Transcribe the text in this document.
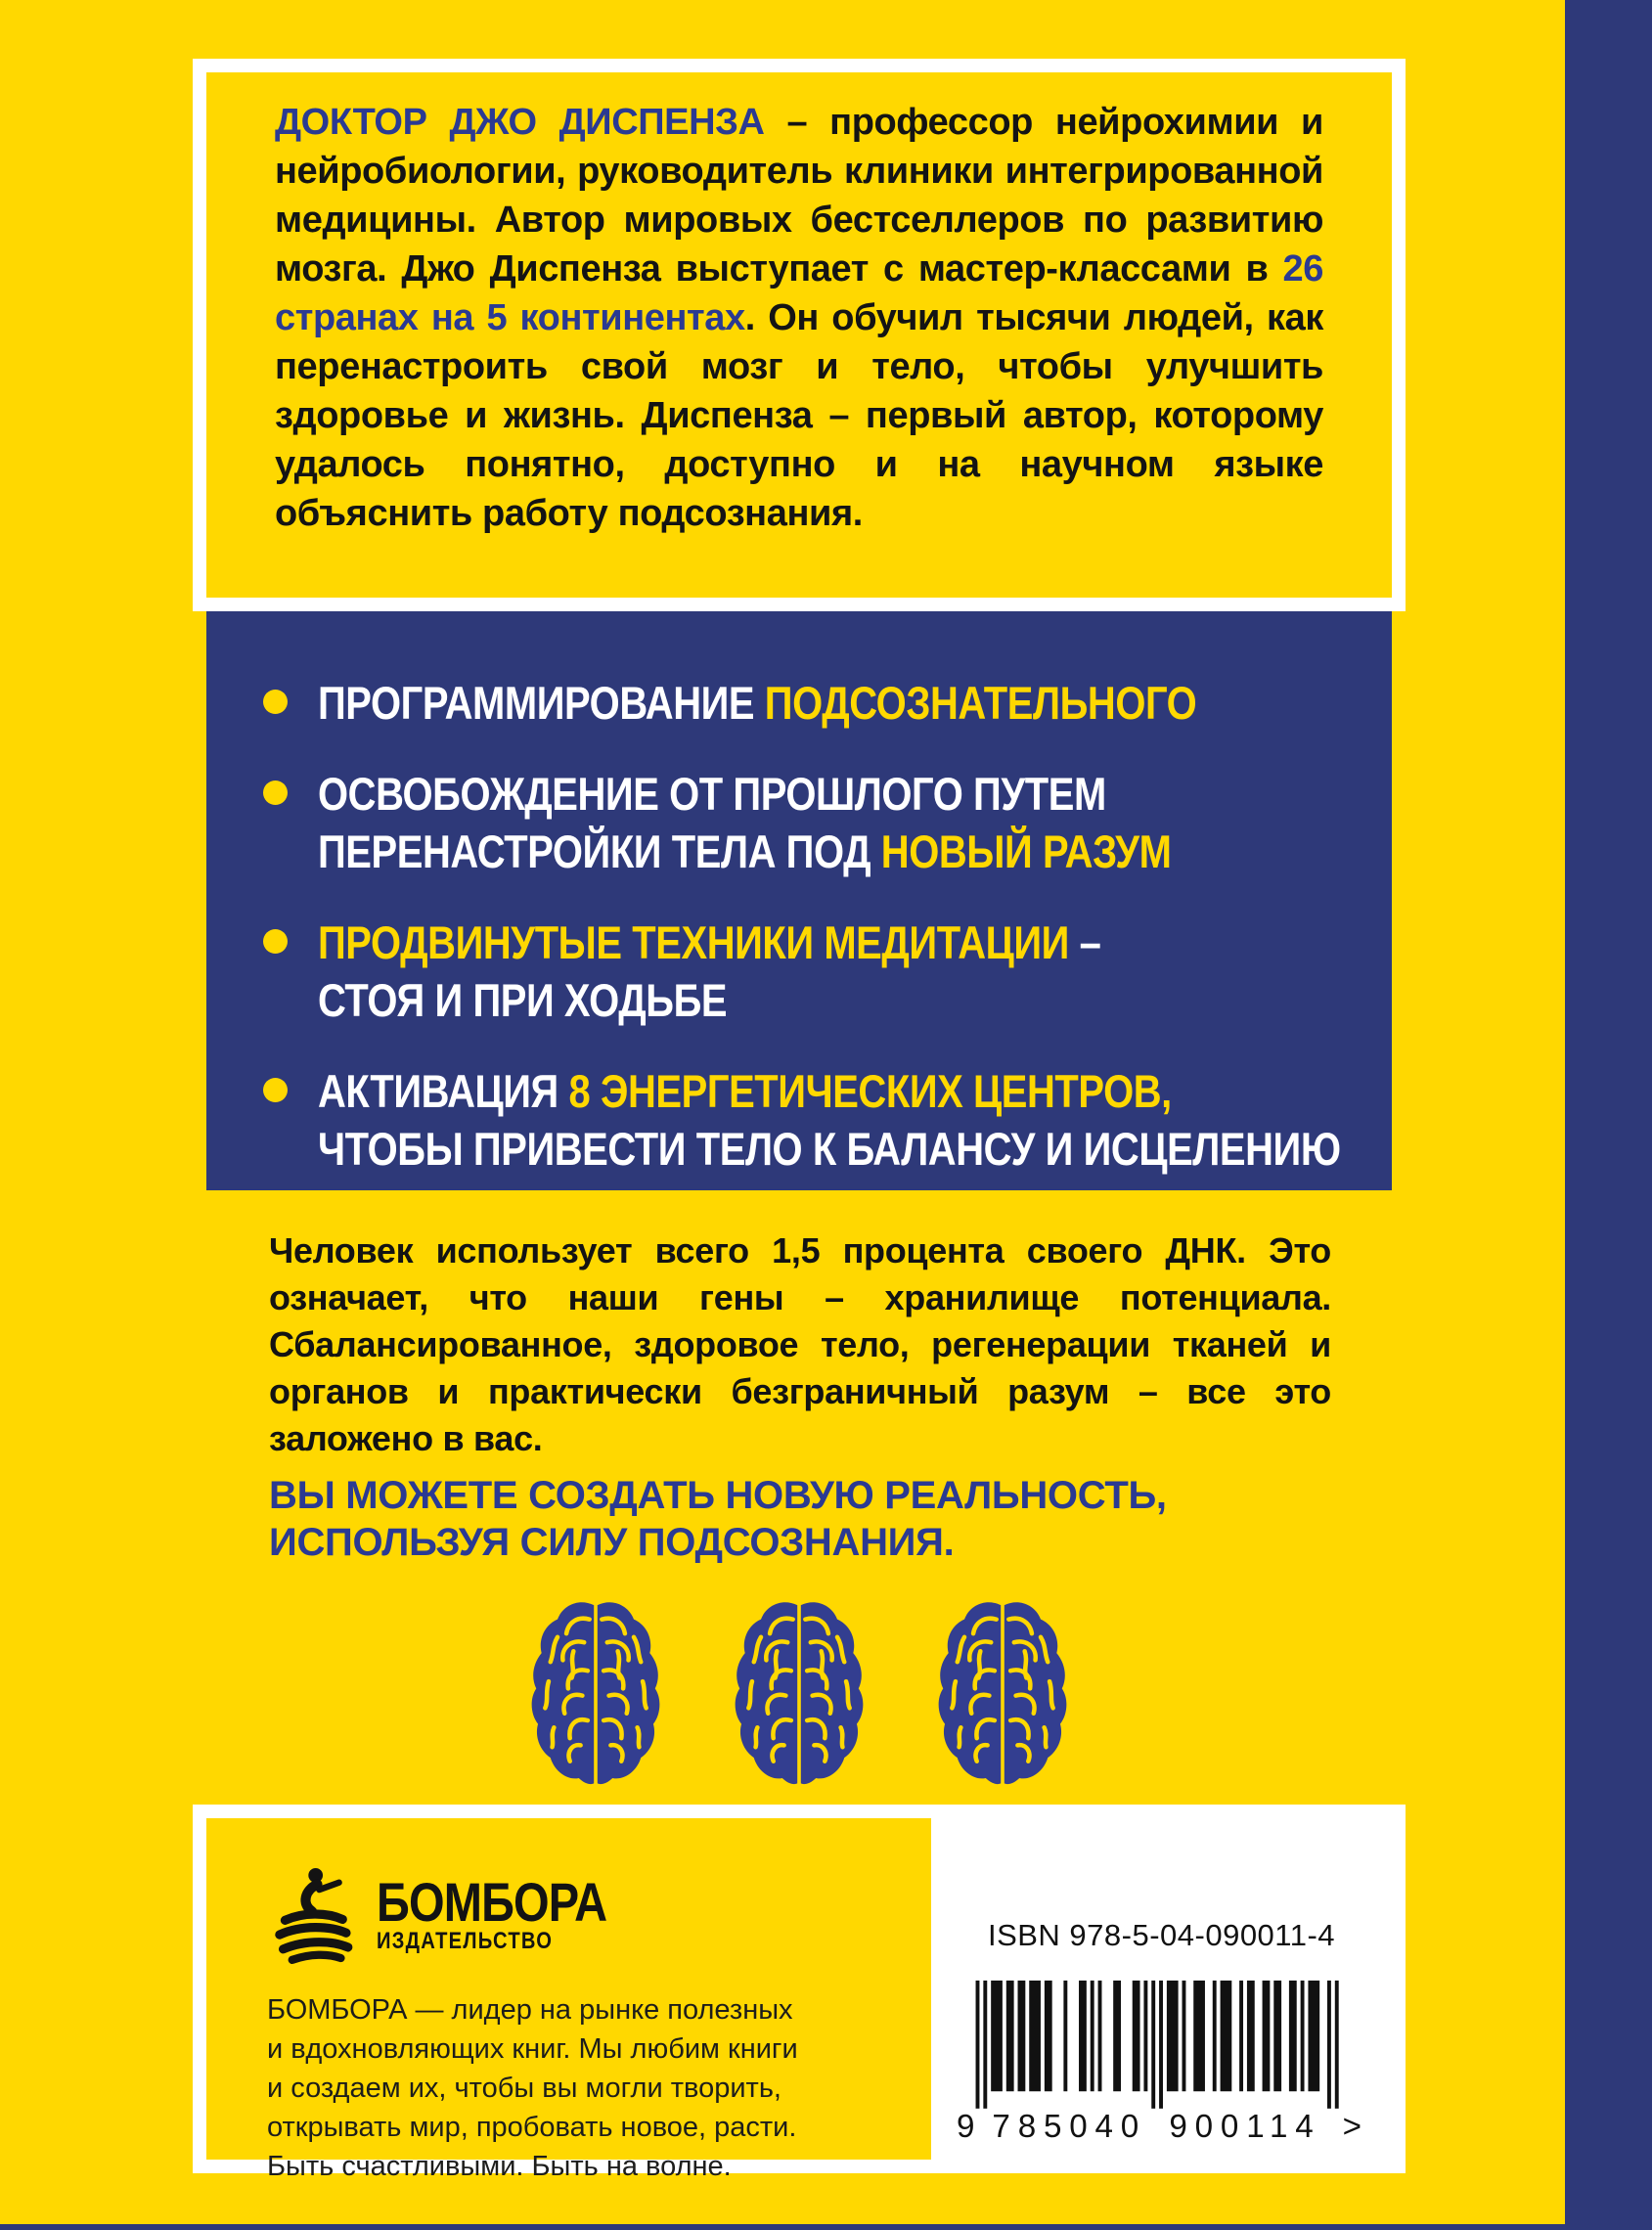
ДОКТОР ДЖО ДИСПЕНЗА – профессор нейрохимии и нейробиологии, руководитель клиники интегрированной медицины. Автор мировых бестселлеров по развитию мозга. Джо Диспенза выступает с мастер-классами в 26 странах на 5 континентах. Он обучил тысячи людей, как перенастроить свой мозг и тело, чтобы улучшить здоровье и жизнь. Диспенза – первый автор, которому удалось понятно, доступно и на научном языке объяснить работу подсознания.

ПРОГРАММИРОВАНИЕ ПОДСОЗНАТЕЛЬНОГО
ОСВОБОЖДЕНИЕ ОТ ПРОШЛОГО ПУТЕМ
ПЕРЕНАСТРОЙКИ ТЕЛА ПОД НОВЫЙ РАЗУМ
ПРОДВИНУТЫЕ ТЕХНИКИ МЕДИТАЦИИ –
СТОЯ И ПРИ ХОДЬБЕ
АКТИВАЦИЯ 8 ЭНЕРГЕТИЧЕСКИХ ЦЕНТРОВ,
ЧТОБЫ ПРИВЕСТИ ТЕЛО К БАЛАНСУ И ИСЦЕЛЕНИЮ

Человек использует всего 1,5 процента своего ДНК. Это означает, что наши гены – хранилище потенциала. Сбалансированное, здоровое тело, регенерации тканей и органов и практически безграничный разум – все это заложено в вас.

ВЫ МОЖЕТЕ СОЗДАТЬ НОВУЮ РЕАЛЬНОСТЬ,
ИСПОЛЬЗУЯ СИЛУ ПОДСОЗНАНИЯ.
БОМБОРА
ИЗДАТЕЛЬСТВО
БОМБОРА — лидер на рынке полезных
и вдохновляющих книг. Мы любим книги
и создаем их, чтобы вы могли творить,
открывать мир, пробовать новое, расти.
Быть счастливыми. Быть на волне.
ISBN 978-5-04-090011-4
9 785040 900114 >
